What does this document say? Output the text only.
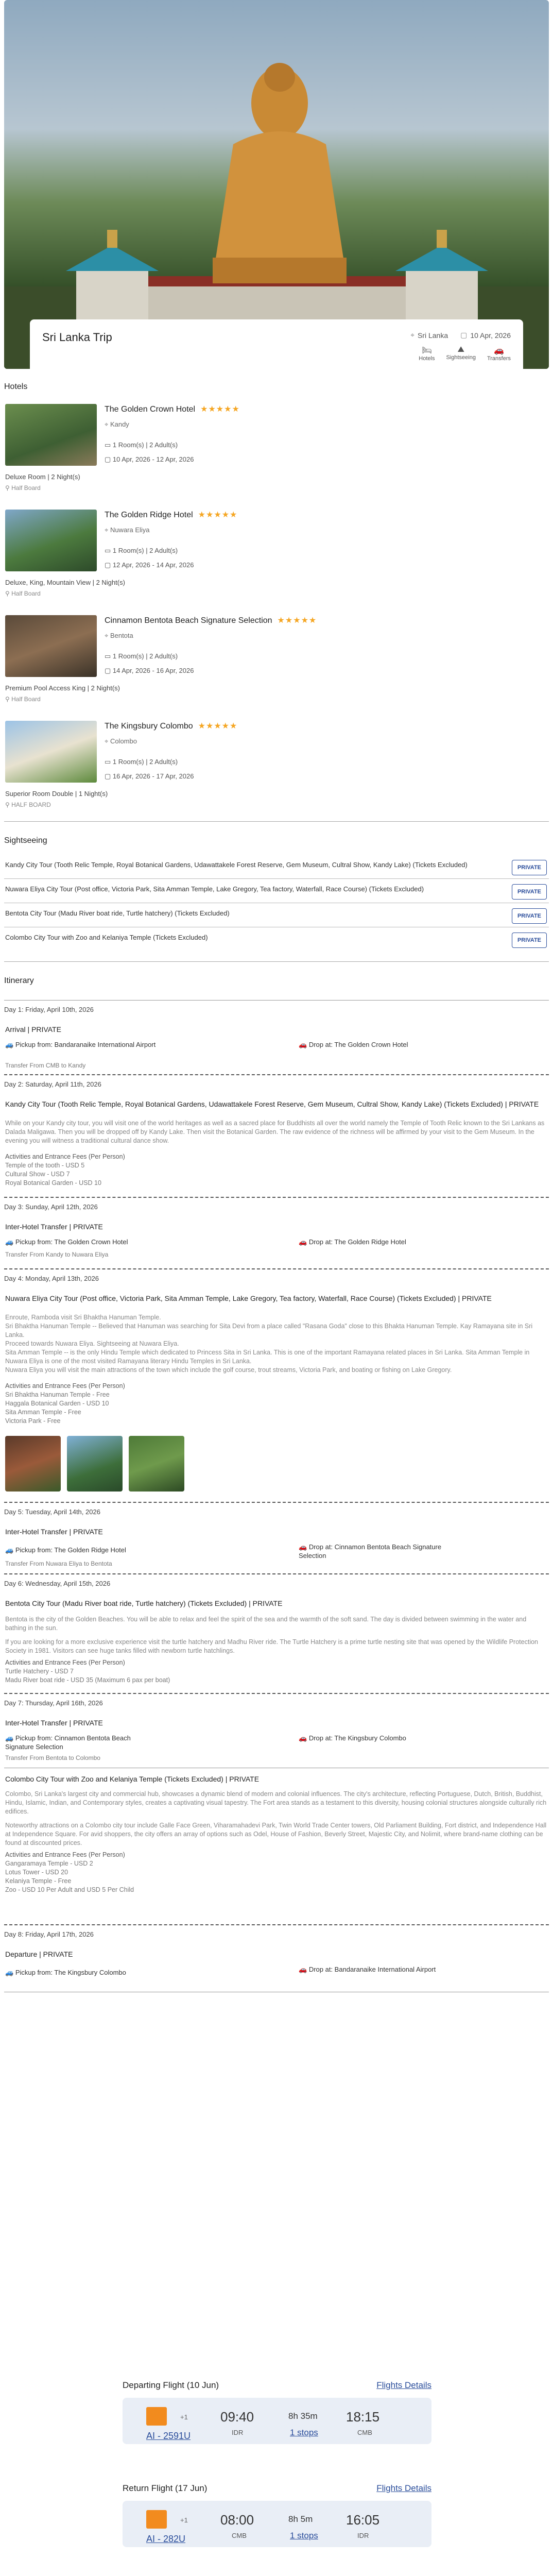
Sri Lanka Trip	⌖ Sri Lanka ▢ 10 Apr, 2026
🛏
Hotels
⛰
Sightseeing
🚗
Transfers
Hotels
The Golden Crown Hotel ★★★★★
⌖ Kandy
▭ 1 Room(s) | 2 Adult(s)
▢ 10 Apr, 2026 - 12 Apr, 2026
Deluxe Room | 2 Night(s)
⚲ Half Board
The Golden Ridge Hotel ★★★★★
⌖ Nuwara Eliya
▭ 1 Room(s) | 2 Adult(s)
▢ 12 Apr, 2026 - 14 Apr, 2026
Deluxe, King, Mountain View | 2 Night(s)
⚲ Half Board
Cinnamon Bentota Beach Signature Selection ★★★★★
⌖ Bentota
▭ 1 Room(s) | 2 Adult(s)
▢ 14 Apr, 2026 - 16 Apr, 2026
Premium Pool Access King | 2 Night(s)
⚲ Half Board
The Kingsbury Colombo ★★★★★
⌖ Colombo
▭ 1 Room(s) | 2 Adult(s)
▢ 16 Apr, 2026 - 17 Apr, 2026
Superior Room Double | 1 Night(s)
⚲ HALF BOARD
Sightseeing
Kandy City Tour (Tooth Relic Temple, Royal Botanical Gardens, Udawattakele Forest Reserve, Gem Museum, Cultral Show, Kandy Lake) (Tickets Excluded)	PRIVATE
Nuwara Eliya City Tour (Post office, Victoria Park, Sita Amman Temple, Lake Gregory, Tea factory, Waterfall, Race Course) (Tickets Excluded)	PRIVATE
Bentota City Tour (Madu River boat ride, Turtle hatchery) (Tickets Excluded)	PRIVATE
Colombo City Tour with Zoo and Kelaniya Temple (Tickets Excluded)	PRIVATE
Itinerary
Day 1: Friday, April 10th, 2026
Arrival | PRIVATE
🚙 Pickup from: Bandaranaike International Airport	🚗 Drop at: The Golden Crown Hotel
Transfer From CMB to Kandy
Day 2: Saturday, April 11th, 2026
Kandy City Tour (Tooth Relic Temple, Royal Botanical Gardens, Udawattakele Forest Reserve, Gem Museum, Cultral Show, Kandy Lake) (Tickets Excluded) | PRIVATE
While on your Kandy city tour, you will visit one of the world heritages as well as a sacred place for Buddhists all over the world namely the Temple of Tooth Relic known to the Sri Lankans as Dalada Maligawa. Then you will be dropped off by Kandy Lake. Then visit the Botanical Garden. The raw evidence of the richness will be affirmed by your visit to the Gem Museum. In the evening you will witness a traditional cultural dance show.
Activities and Entrance Fees (Per Person)
Temple of the tooth - USD 5
Cultural Show - USD 7
Royal Botanical Garden - USD 10
Day 3: Sunday, April 12th, 2026
Inter-Hotel Transfer | PRIVATE
🚙 Pickup from: The Golden Crown Hotel	🚗 Drop at: The Golden Ridge Hotel
Transfer From Kandy to Nuwara Eliya
Day 4: Monday, April 13th, 2026
Nuwara Eliya City Tour (Post office, Victoria Park, Sita Amman Temple, Lake Gregory, Tea factory, Waterfall, Race Course) (Tickets Excluded) | PRIVATE
Enroute, Ramboda visit Sri Bhaktha Hanuman Temple.
Sri Bhaktha Hanuman Temple -- Believed that Hanuman was searching for Sita Devi from a place called "Rasana Goda" close to this Bhakta Hanuman Temple. Kay Ramayana site in Sri Lanka.
Proceed towards Nuwara Eliya. Sightseeing at Nuwara Eliya.
Sita Amman Temple -- is the only Hindu Temple which dedicated to Princess Sita in Sri Lanka. This is one of the important Ramayana related places in Sri Lanka. Sita Amman Temple in Nuwara Eliya is one of the most visited Ramayana literary Hindu Temples in Sri Lanka.
Nuwara Eliya you will visit the main attractions of the town which include the golf course, trout streams, Victoria Park, and boating or fishing on Lake Gregory.
Activities and Entrance Fees (Per Person)
Sri Bhaktha Hanuman Temple - Free
Haggala Botanical Garden - USD 10
Sita Amman Temple - Free
Victoria Park - Free
Day 5: Tuesday, April 14th, 2026
Inter-Hotel Transfer | PRIVATE
🚙 Pickup from: The Golden Ridge Hotel	🚗 Drop at: Cinnamon Bentota Beach Signature Selection
Transfer From Nuwara Eliya to Bentota
Day 6: Wednesday, April 15th, 2026
Bentota City Tour (Madu River boat ride, Turtle hatchery) (Tickets Excluded) | PRIVATE
Bentota is the city of the Golden Beaches. You will be able to relax and feel the spirit of the sea and the warmth of the soft sand. The day is divided between swimming in the water and bathing in the sun.
If you are looking for a more exclusive experience visit the turtle hatchery and Madhu River ride. The Turtle Hatchery is a prime turtle nesting site that was opened by the Wildlife Protection Society in 1981. Visitors can see huge tanks filled with newborn turtle hatchlings.
Activities and Entrance Fees (Per Person)
Turtle Hatchery - USD 7
Madu River boat ride - USD 35 (Maximum 6 pax per boat)
Day 7: Thursday, April 16th, 2026
Inter-Hotel Transfer | PRIVATE
🚙 Pickup from: Cinnamon Bentota Beach Signature Selection
🚗 Drop at: The Kingsbury Colombo
Transfer From Bentota to Colombo
Colombo City Tour with Zoo and Kelaniya Temple (Tickets Excluded) | PRIVATE
Colombo, Sri Lanka's largest city and commercial hub, showcases a dynamic blend of modern and colonial influences. The city's architecture, reflecting Portuguese, Dutch, British, Buddhist, Hindu, Islamic, Indian, and Contemporary styles, creates a captivating visual tapestry. The Fort area stands as a testament to this diversity, housing colonial structures alongside culturally rich edifices.
Noteworthy attractions on a Colombo city tour include Galle Face Green, Viharamahadevi Park, Twin World Trade Center towers, Old Parliament Building, Fort district, and Independence Hall at Independence Square. For avid shoppers, the city offers an array of options such as Odel, House of Fashion, Beverly Street, Majestic City, and Nolimit, where brand-name clothing can be found at discounted prices.
Activities and Entrance Fees (Per Person)
Gangaramaya Temple - USD 2
Lotus Tower - USD 20
Kelaniya Temple - Free
Zoo - USD 10 Per Adult and USD 5 Per Child
Day 8: Friday, April 17th, 2026
Departure | PRIVATE
🚙 Pickup from: The Kingsbury Colombo	🚗 Drop at: Bandaranaike International Airport
Departing Flight (10 Jun)	Flights Details
+1
AI - 2591U
09:40
IDR
8h 35m
1 stops
18:15
CMB
Return Flight (17 Jun)	Flights Details
+1
AI - 282U
08:00
CMB
8h 5m
1 stops
16:05
IDR
